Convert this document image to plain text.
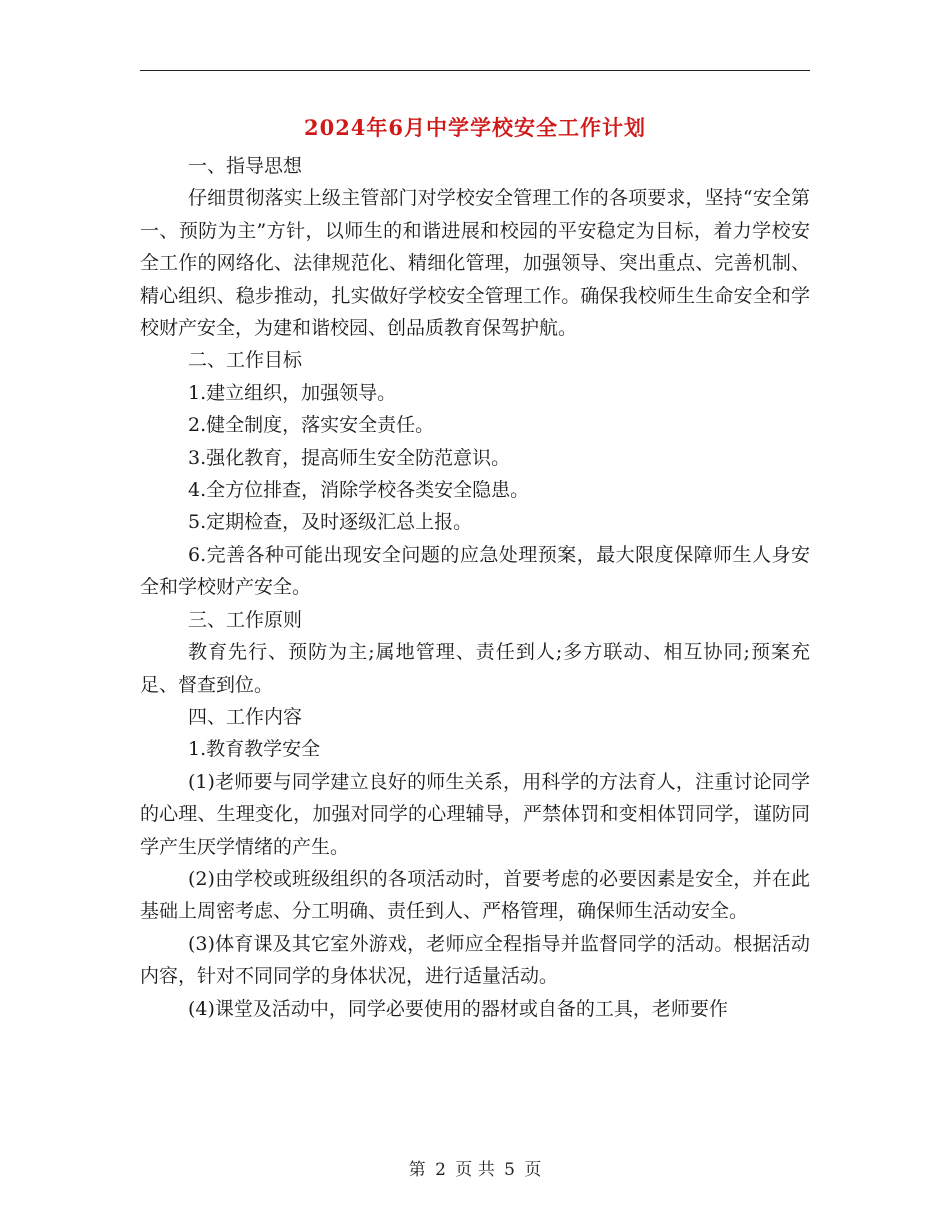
2024年6月中学学校安全工作计划

一、指导思想

仔细贯彻落实上级主管部门对学校安全管理工作的各项要求，坚持“安全第一、预防为主”方针，以师生的和谐进展和校园的平安稳定为目标，着力学校安全工作的网络化、法律规范化、精细化管理，加强领导、突出重点、完善机制、精心组织、稳步推动，扎实做好学校安全管理工作。确保我校师生生命安全和学校财产安全，为建和谐校园、创品质教育保驾护航。

二、工作目标

1.建立组织，加强领导。

2.健全制度，落实安全责任。

3.强化教育，提高师生安全防范意识。

4.全方位排查，消除学校各类安全隐患。

5.定期检查，及时逐级汇总上报。

6.完善各种可能出现安全问题的应急处理预案，最大限度保障师生人身安全和学校财产安全。

三、工作原则

教育先行、预防为主;属地管理、责任到人;多方联动、相互协同;预案充足、督查到位。

四、工作内容

1.教育教学安全

(1)老师要与同学建立良好的师生关系，用科学的方法育人，注重讨论同学的心理、生理变化，加强对同学的心理辅导，严禁体罚和变相体罚同学，谨防同学产生厌学情绪的产生。

(2)由学校或班级组织的各项活动时，首要考虑的必要因素是安全，并在此基础上周密考虑、分工明确、责任到人、严格管理，确保师生活动安全。

(3)体育课及其它室外游戏，老师应全程指导并监督同学的活动。根据活动内容，针对不同同学的身体状况，进行适量活动。

(4)课堂及活动中，同学必要使用的器材或自备的工具，老师要作

第 2 页 共 5 页
